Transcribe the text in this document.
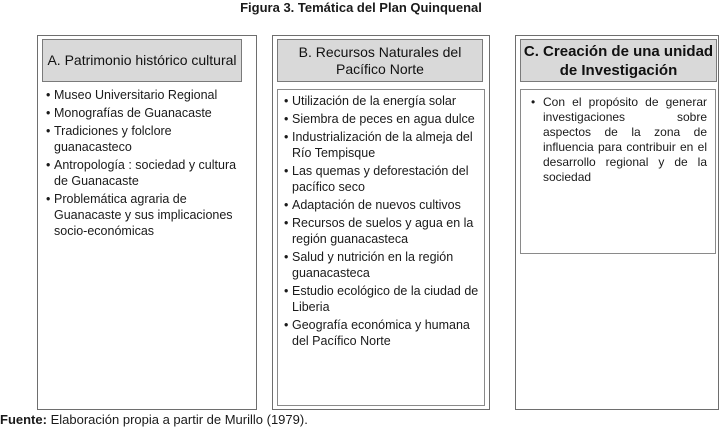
Figura 3. Temática del Plan Quinquenal
A. Patrimonio histórico cultural
• Museo Universitario Regional
• Monografías de Guanacaste
• Tradiciones y folclore guanacasteco
• Antropología : sociedad y cultura de Guanacaste
• Problemática agraria de Guanacaste y sus implicaciones socio-económicas
B. Recursos Naturales del Pacífico Norte
• Utilización de la energía solar
• Siembra de peces en agua dulce
• Industrialización de la almeja del Río Tempisque
• Las quemas y deforestación del pacífico seco
• Adaptación de nuevos cultivos
• Recursos de suelos y agua en la región guanacasteca
• Salud y nutrición en la región guanacasteca
• Estudio ecológico de la ciudad de Liberia
• Geografía económica y humana del Pacífico Norte
C. Creación de una unidad de Investigación
• Con el propósito de generar investigaciones sobre aspectos de la zona de influencia para contribuir en el desarrollo regional y de la sociedad
Fuente: Elaboración propia a partir de Murillo (1979).
